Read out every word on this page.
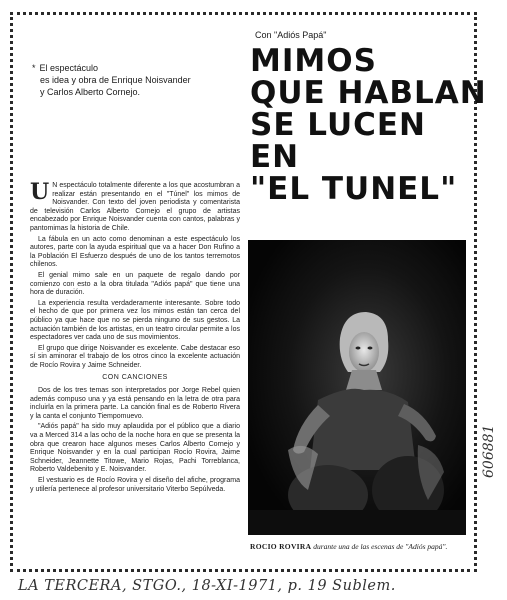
Con "Adiós Papá"
MIMOS
QUE HABLAN
SE LUCEN
EN
"EL TUNEL"
* El espectáculo
es idea y obra de Enrique Noisvander
y Carlos Alberto Cornejo.

U N espectáculo totalmente diferente a los que acostumbran a realizar están presentando en el "Túnel" los mimos de Noisvander. Con texto del joven periodista y comentarista de televisión Carlos Alberto Cornejo el grupo de artistas encabezado por Enrique Noisvander cuenta con cantos, palabras y pantomimas la historia de Chile.

La fábula en un acto como denominan a este espectáculo los autores, parte con la ayuda espiritual que va a hacer Don Rufino a la Población El Esfuerzo después de uno de los tantos terremotos chilenos.

El genial mimo sale en un paquete de regalo dando por comienzo con esto a la obra titulada "Adiós papá" que tiene una hora de duración.

La experiencia resulta verdaderamente interesante. Sobre todo el hecho de que por primera vez los mimos están tan cerca del público ya que hace que no se pierda ninguno de sus gestos. La actuación también de los artistas, en un teatro circular permite a los espectadores ver cada uno de sus movimientos.

El grupo que dirige Noisvander es excelente. Cabe destacar eso sí sin aminorar el trabajo de los otros cinco la excelente actuación de Rocío Rovira y Jaime Schneider.

CON CANCIONES

Dos de los tres temas son interpretados por Jorge Rebel quien además compuso una y ya está pensando en la letra de otra para incluirla en la primera parte. La canción final es de Roberto Rivera y la canta el conjunto Tiempomuevo.

"Adiós papá" ha sido muy aplaudida por el público que a diario va a Merced 314 a las ocho de la noche hora en que se presenta la obra que crearon hace algunos meses Carlos Alberto Cornejo y Enrique Noisvander y en la cual participan Rocío Rovira, Jaime Schneider, Jeannette Titowe, Mario Rojas, Pachi Torreblanca, Roberto Valdebenito y E. Noisvander.

El vestuario es de Rocío Rovira y el diseño del afiche, programa y utilería pertenece al profesor universitario Viterbo Sepúlveda.

ROCIO ROVIRA durante una de las escenas de "Adiós papá".
LA TERCERA, STGO., 18-XI-1971, p. 19 Sublem.
606881
